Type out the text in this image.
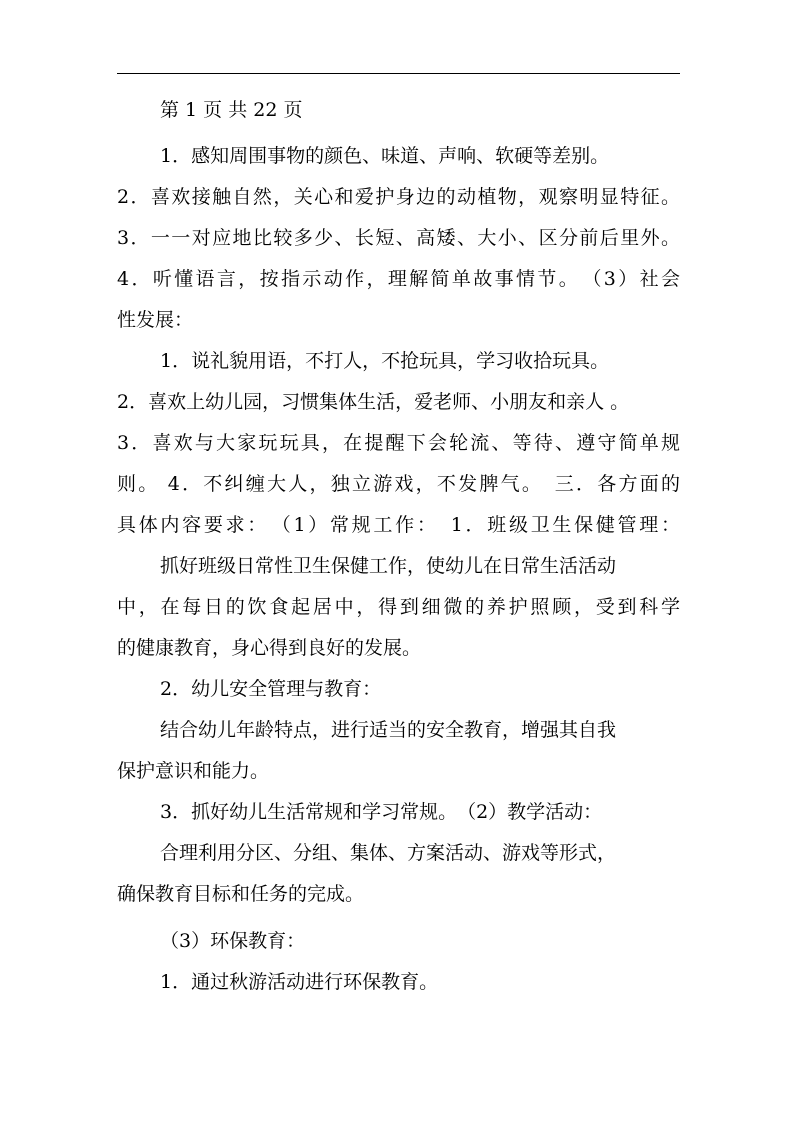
第 1 页 共 22 页
1．感知周围事物的颜色、味道、声响、软硬等差别。
2．喜欢接触自然，关心和爱护身边的动植物，观察明显特征。
3．一一对应地比较多少、长短、高矮、大小、区分前后里外。
4．听懂语言，按指示动作，理解简单故事情节。　（3）社会
性发展：
1．说礼貌用语，不打人，不抢玩具，学习收拾玩具。
2．喜欢上幼儿园，习惯集体生活，爱老师、小朋友和亲人 。
3．喜欢与大家玩玩具，在提醒下会轮流、等待、遵守简单规
则。 4．不纠缠大人，独立游戏，不发脾气。　三．各方面的
具体内容要求：　（1）常规工作：　1．班级卫生保健管理：
抓好班级日常性卫生保健工作，使幼儿在日常生活活动
中，在每日的饮食起居中，得到细微的养护照顾，受到科学
的健康教育，身心得到良好的发展。
2．幼儿安全管理与教育：
结合幼儿年龄特点，进行适当的安全教育，增强其自我
保护意识和能力。
3．抓好幼儿生活常规和学习常规。　（2）教学活动：
合理利用分区、分组、集体、方案活动、游戏等形式，
确保教育目标和任务的完成。
（3）环保教育：
1．通过秋游活动进行环保教育。
